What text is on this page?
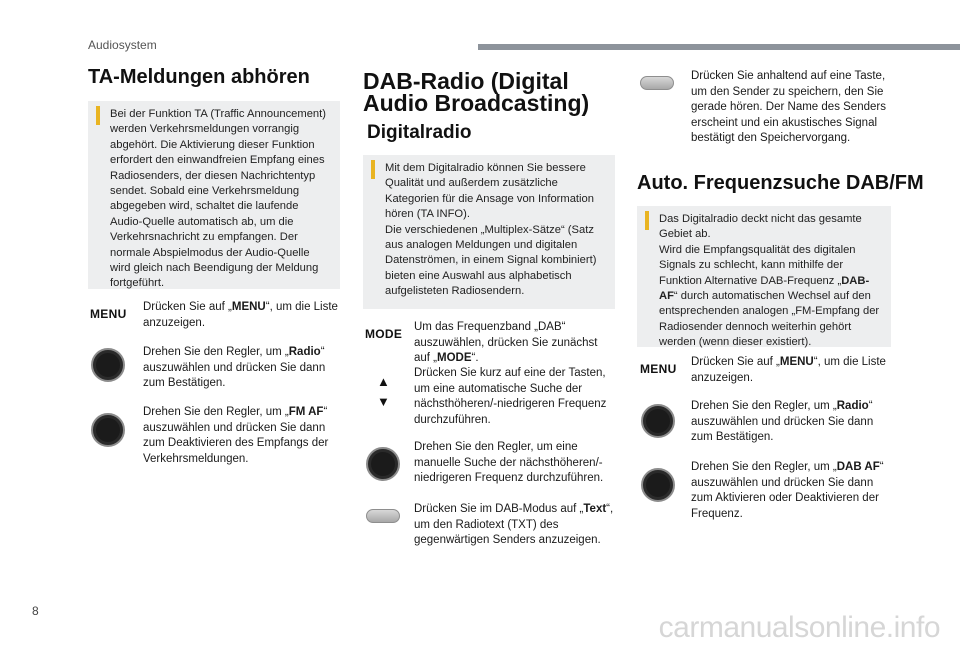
Audiosystem
TA-Meldungen abhören
Bei der Funktion TA (Traffic Announcement) werden Verkehrsmeldungen vorrangig abgehört. Die Aktivierung dieser Funktion erfordert den einwandfreien Empfang eines Radiosenders, der diesen Nachrichtentyp sendet. Sobald eine Verkehrsmeldung abgegeben wird, schaltet die laufende Audio-Quelle automatisch ab, um die Verkehrsnachricht zu empfangen. Der normale Abspielmodus der Audio-Quelle wird gleich nach Beendigung der Meldung fortgeführt.
MENU Drücken Sie auf „MENU“, um die Liste anzuzeigen.
Drehen Sie den Regler, um „Radio“ auszuwählen und drücken Sie dann zum Bestätigen.
Drehen Sie den Regler, um „FM AF“ auszuwählen und drücken Sie dann zum Deaktivieren des Empfangs der Verkehrsmeldungen.
DAB-Radio (Digital Audio Broadcasting)
Digitalradio
Mit dem Digitalradio können Sie bessere Qualität und außerdem zusätzliche Kategorien für die Ansage von Information hören (TA INFO).
Die verschiedenen „Multiplex-Sätze“ (Satz aus analogen Meldungen und digitalen Datenströmen, in einem Signal kombiniert) bieten eine Auswahl aus alphabetisch aufgelisteten Radiosendern.
MODE Um das Frequenzband „DAB“ auszuwählen, drücken Sie zunächst auf „MODE“.
▲
▼
Drücken Sie kurz auf eine der Tasten, um eine automatische Suche der nächsthöheren/-niedrigeren Frequenz durchzuführen.
Drehen Sie den Regler, um eine manuelle Suche der nächsthöheren/-niedrigeren Frequenz durchzuführen.
Drücken Sie im DAB-Modus auf „Text“, um den Radiotext (TXT) des gegenwärtigen Senders anzuzeigen.
Drücken Sie anhaltend auf eine Taste, um den Sender zu speichern, den Sie gerade hören. Der Name des Senders erscheint und ein akustisches Signal bestätigt den Speichervorgang.
Auto. Frequenzsuche DAB/FM
Das Digitalradio deckt nicht das gesamte Gebiet ab.
Wird die Empfangsqualität des digitalen Signals zu schlecht, kann mithilfe der Funktion Alternative DAB-Frequenz „DAB-AF“ durch automatischen Wechsel auf den entsprechenden analogen „FM-Empfang der Radiosender dennoch weiterhin gehört werden (wenn dieser existiert).
MENU Drücken Sie auf „MENU“, um die Liste anzuzeigen.
Drehen Sie den Regler, um „Radio“ auszuwählen und drücken Sie dann zum Bestätigen.
Drehen Sie den Regler, um „DAB AF“ auszuwählen und drücken Sie dann zum Aktivieren oder Deaktivieren der Frequenz.
8	carmanualsonline.info
